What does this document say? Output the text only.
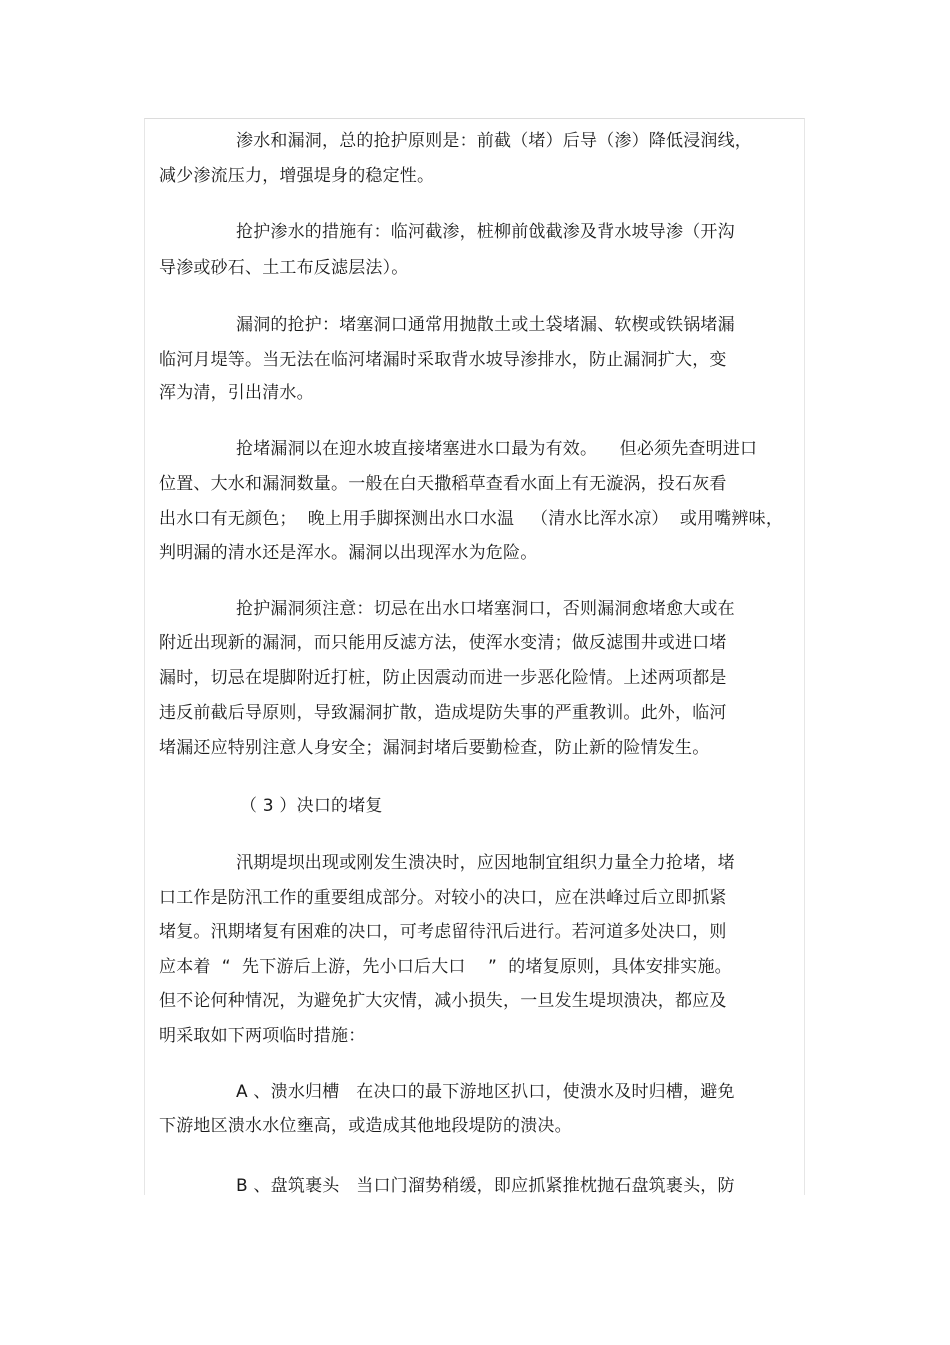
渗水和漏洞，总的抢护原则是：前截（堵）后导（渗）降低浸润线，
减少渗流压力，增强堤身的稳定性。
抢护渗水的措施有：临河截渗，桩柳前戗截渗及背水坡导渗（开沟
导渗或砂石、土工布反滤层法）。
漏洞的抢护：堵塞洞口通常用抛散土或土袋堵漏、软楔或铁锅堵漏
临河月堤等。当无法在临河堵漏时采取背水坡导渗排水，防止漏洞扩大，变
浑为清，引出清水。
抢堵漏洞以在迎水坡直接堵塞进水口最为有效。    但必须先查明进口
位置、大水和漏洞数量。一般在白天撒稻草查看水面上有无漩涡，投石灰看
出水口有无颜色；  晚上用手脚探测出水口水温   （清水比浑水凉）  或用嘴辨味，
判明漏的清水还是浑水。漏洞以出现浑水为危险。
抢护漏洞须注意：切忌在出水口堵塞洞口，否则漏洞愈堵愈大或在
附近出现新的漏洞，而只能用反滤方法，使浑水变清；做反滤围井或进口堵
漏时，切忌在堤脚附近打桩，防止因震动而进一步恶化险情。上述两项都是
违反前截后导原则，导致漏洞扩散，造成堤防失事的严重教训。此外，临河
堵漏还应特别注意人身安全；漏洞封堵后要勤检查，防止新的险情发生。
（ 3 ）决口的堵复
汛期堤坝出现或刚发生溃决时，应因地制宜组织力量全力抢堵，堵
口工作是防汛工作的重要组成部分。对较小的决口，应在洪峰过后立即抓紧
堵复。汛期堵复有困难的决口，可考虑留待汛后进行。若河道多处决口，则
应本着  “  先下游后上游，先小口后大口    ”  的堵复原则，具体安排实施。
但不论何种情况，为避免扩大灾情，减小损失，一旦发生堤坝溃决，都应及
明采取如下两项临时措施：
A 、溃水归槽   在决口的最下游地区扒口，使溃水及时归槽，避免
下游地区溃水水位壅高，或造成其他地段堤防的溃决。
B 、盘筑裹头   当口门溜势稍缓，即应抓紧推枕抛石盘筑裹头，防
